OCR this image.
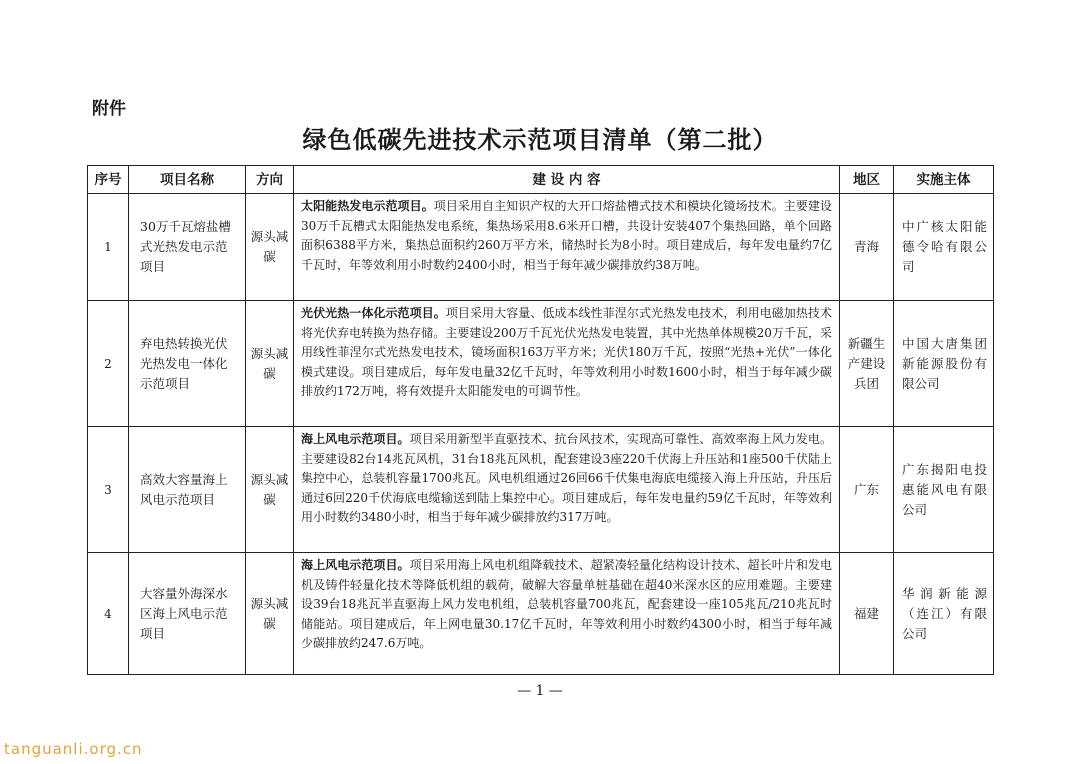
附件
绿色低碳先进技术示范项目清单（第二批）
序号	项目名称	方向	建 设 内 容	地区	实施主体
1	30万千瓦熔盐槽式光热发电示范项目	源头减碳	太阳能热发电示范项目。项目采用自主知识产权的大开口熔盐槽式技术和模块化镜场技术。主要建设30万千瓦槽式太阳能热发电系统，集热场采用8.6米开口槽，共设计安装407个集热回路，单个回路面积6388平方米，集热总面积约260万平方米，储热时长为8小时。项目建成后，每年发电量约7亿千瓦时，年等效利用小时数约2400小时，相当于每年减少碳排放约38万吨。	青海	中广核太阳能德令哈有限公司
2	弃电热转换光伏光热发电一体化示范项目	源头减碳	光伏光热一体化示范项目。项目采用大容量、低成本线性菲涅尔式光热发电技术，利用电磁加热技术将光伏弃电转换为热存储。主要建设200万千瓦光伏光热发电装置，其中光热单体规模20万千瓦，采用线性菲涅尔式光热发电技术，镜场面积163万平方米；光伏180万千瓦，按照“光热+光伏”一体化模式建设。项目建成后，每年发电量32亿千瓦时，年等效利用小时数1600小时，相当于每年减少碳排放约172万吨，将有效提升太阳能发电的可调节性。	新疆生产建设兵团	中国大唐集团新能源股份有限公司
3	高效大容量海上风电示范项目	源头减碳	海上风电示范项目。项目采用新型半直驱技术、抗台风技术，实现高可靠性、高效率海上风力发电。主要建设82台14兆瓦风机，31台18兆瓦风机，配套建设3座220千伏海上升压站和1座500千伏陆上集控中心，总装机容量1700兆瓦。风电机组通过26回66千伏集电海底电缆接入海上升压站，升压后通过6回220千伏海底电缆输送到陆上集控中心。项目建成后，每年发电量约59亿千瓦时，年等效利用小时数约3480小时，相当于每年减少碳排放约317万吨。	广东	广东揭阳电投惠能风电有限公司
4	大容量外海深水区海上风电示范项目	源头减碳	海上风电示范项目。项目采用海上风电机组降载技术、超紧凑轻量化结构设计技术、超长叶片和发电机及铸件轻量化技术等降低机组的载荷，破解大容量单桩基础在超40米深水区的应用难题。主要建设39台18兆瓦半直驱海上风力发电机组，总装机容量700兆瓦，配套建设一座105兆瓦/210兆瓦时储能站。项目建成后，年上网电量30.17亿千瓦时，年等效利用小时数约4300小时，相当于每年减少碳排放约247.6万吨。	福建	华润新能源（连江）有限公司
— 1 —
tanguanli.org.cn
